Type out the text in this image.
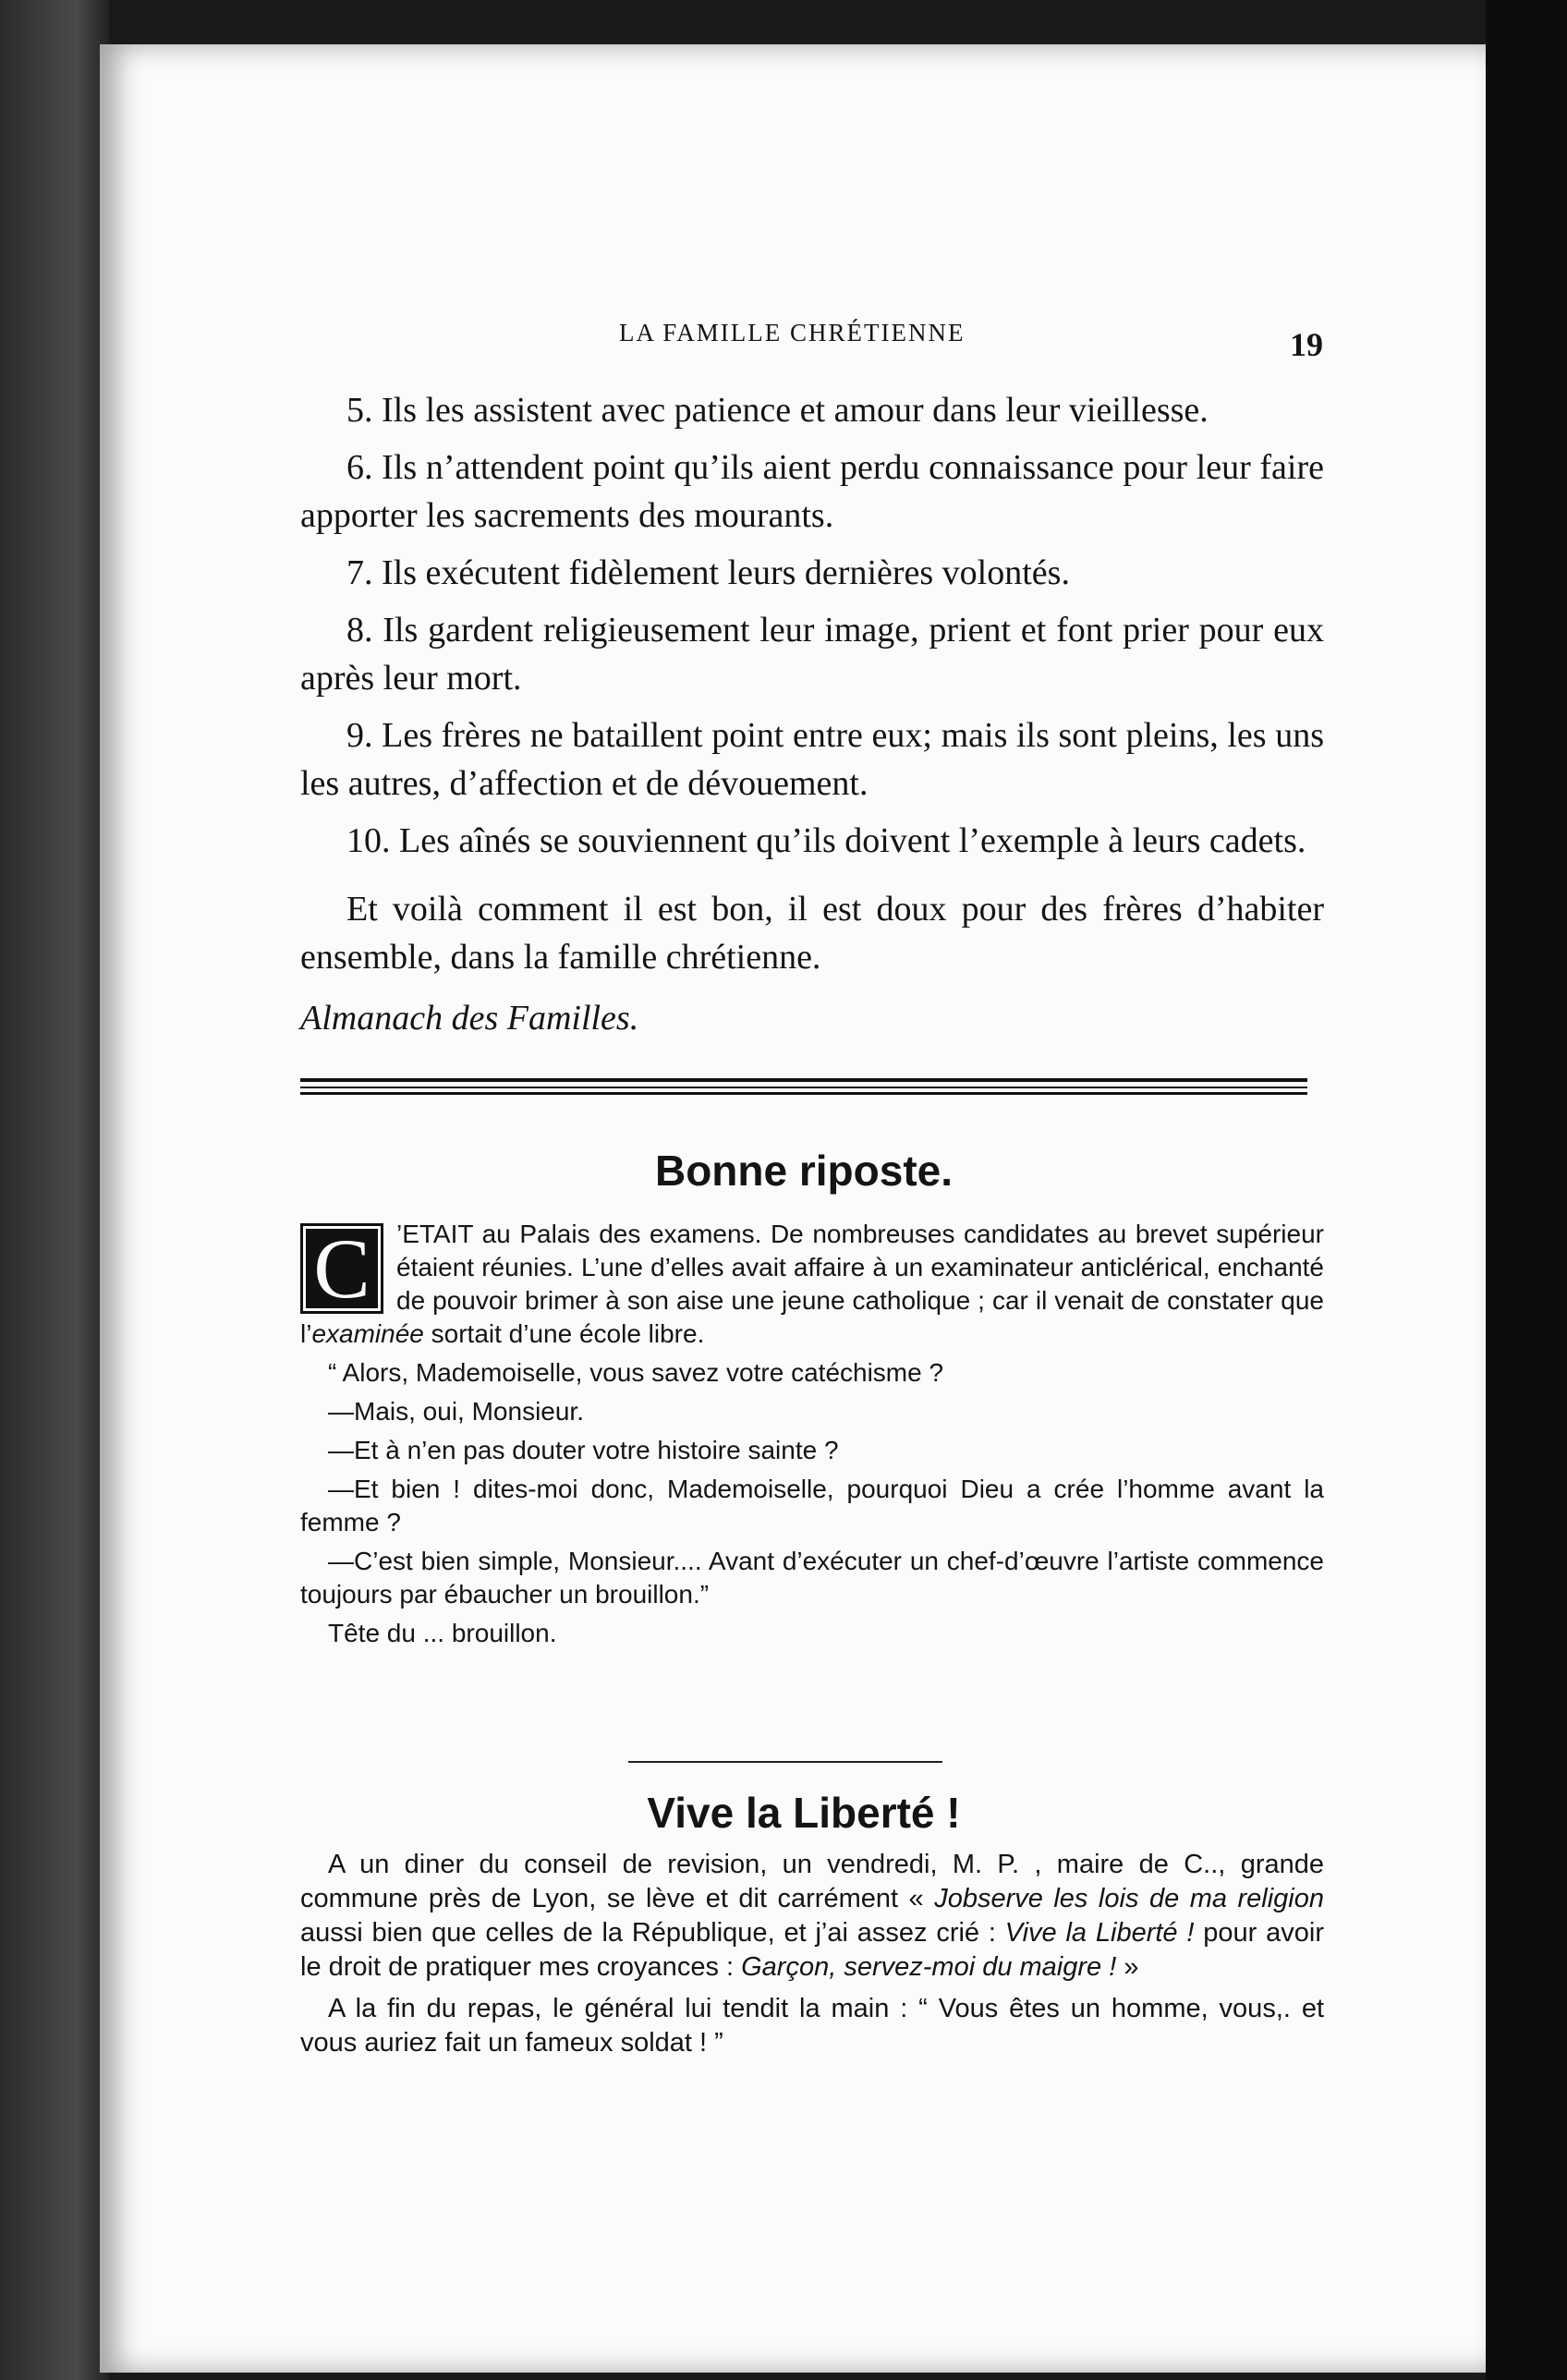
LA FAMILLE CHRÉTIENNE	19

5. Ils les assistent avec patience et amour dans leur vieillesse.

6. Ils n’attendent point qu’ils aient perdu connaissance pour leur faire apporter les sacrements des mourants.

7. Ils exécutent fidèlement leurs dernières volontés.

8. Ils gardent religieusement leur image, prient et font prier pour eux après leur mort.

9. Les frères ne bataillent point entre eux; mais ils sont pleins, les uns les autres, d’affection et de dévouement.

10. Les aînés se souviennent qu’ils doivent l’exemple à leurs cadets.

Et voilà comment il est bon, il est doux pour des frères d’habiter ensemble, dans la famille chrétienne.

Almanach des Familles.

Bonne riposte.

C	’ETAIT au Palais des examens. De nombreuses candidates au brevet supérieur étaient réunies. L’une d’elles avait affaire à un examinateur anticlérical, enchanté de pouvoir brimer à son aise une jeune catholique ; car il venait de constater que l’examinée sortait d’une école libre.

“ Alors, Mademoiselle, vous savez votre catéchisme ?

—Mais, oui, Monsieur.

—Et à n’en pas douter votre histoire sainte ?

—Et bien ! dites-moi donc, Mademoiselle, pourquoi Dieu a crée l’homme avant la femme ?

—C’est bien simple, Monsieur.... Avant d’exécuter un chef-d’œuvre l’artiste commence toujours par ébaucher un brouillon.”

Tête du ... brouillon.

Vive la Liberté !

A un diner du conseil de revision, un vendredi, M. P. , maire de C.., grande commune près de Lyon, se lève et dit carrément « Jobserve les lois de ma religion aussi bien que celles de la République, et j’ai assez crié : Vive la Liberté ! pour avoir le droit de pratiquer mes croyances : Garçon, servez-moi du maigre ! »

A la fin du repas, le général lui tendit la main : “ Vous êtes un homme, vous,. et vous auriez fait un fameux soldat ! ”
